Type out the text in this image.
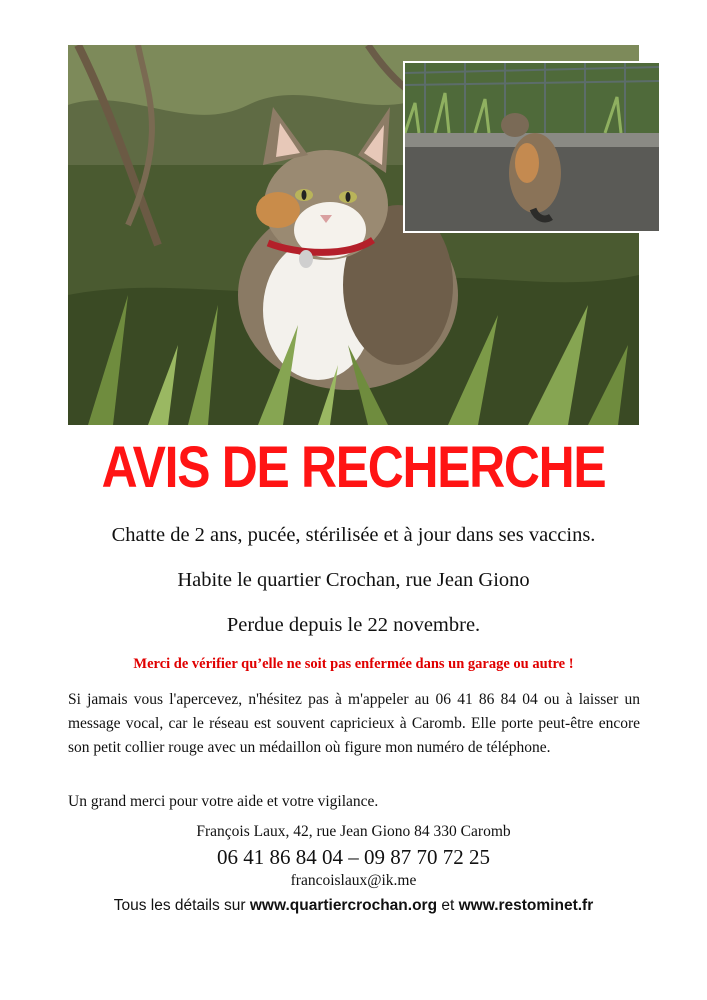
AVIS DE RECHERCHE
Chatte de 2 ans, pucée, stérilisée et à jour dans ses vaccins.
Habite le quartier Crochan, rue Jean Giono
Perdue depuis le 22 novembre.
Merci de vérifier qu’elle ne soit pas enfermée dans un garage ou autre !
Si jamais vous l'apercevez, n'hésitez pas à m'appeler au 06 41 86 84 04 ou à laisser un message vocal, car le réseau est souvent capricieux à Caromb. Elle porte peut-être encore son petit collier rouge avec un médaillon où figure mon numéro de téléphone.
Un grand merci pour votre aide et votre vigilance.
François Laux, 42, rue Jean Giono 84 330 Caromb
06 41 86 84 04 – 09 87 70 72 25
francoislaux@ik.me
Tous les détails sur www.quartiercrochan.org et www.restominet.fr
